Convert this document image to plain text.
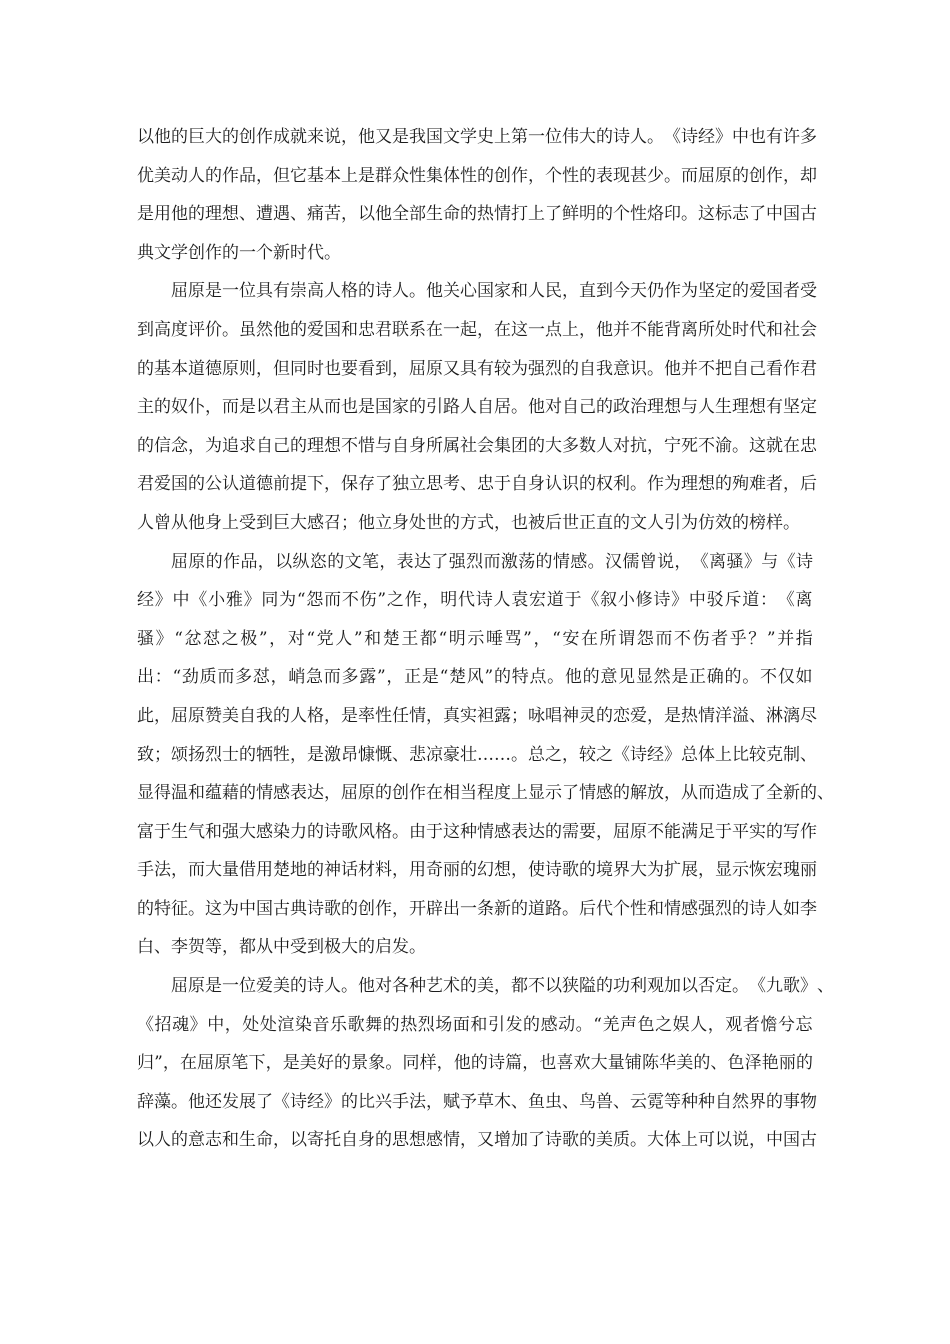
以 他 的 巨 大 的 创 作 成 就 来 说 ， 他 又 是 我 国 文 学 史 上 第 一 位 伟 大 的 诗 人 。 《 诗 经 》 中 也 有 许 多
优 美 动 人 的 作 品 ， 但 它 基 本 上 是 群 众 性 集 体 性 的 创 作 ， 个 性 的 表 现 甚 少 。 而 屈 原 的 创 作 ， 却
是 用 他 的 理 想 、 遭 遇 、 痛 苦 ， 以 他 全 部 生 命 的 热 情 打 上 了 鲜 明 的 个 性 烙 印 。 这 标 志 了 中 国 古
典 文 学 创 作 的 一 个 新 时 代 。
屈 原 是 一 位 具 有 崇 高 人 格 的 诗 人 。 他 关 心 国 家 和 人 民 ， 直 到 今 天 仍 作 为 坚 定 的 爱 国 者 受
到 高 度 评 价 。 虽 然 他 的 爱 国 和 忠 君 联 系 在 一 起 ， 在 这 一 点 上 ， 他 并 不 能 背 离 所 处 时 代 和 社 会
的 基 本 道 德 原 则 ， 但 同 时 也 要 看 到 ， 屈 原 又 具 有 较 为 强 烈 的 自 我 意 识 。 他 并 不 把 自 己 看 作 君
主 的 奴 仆 ， 而 是 以 君 主 从 而 也 是 国 家 的 引 路 人 自 居 。 他 对 自 己 的 政 治 理 想 与 人 生 理 想 有 坚 定
的 信 念 ， 为 追 求 自 己 的 理 想 不 惜 与 自 身 所 属 社 会 集 团 的 大 多 数 人 对 抗 ， 宁 死 不 渝 。 这 就 在 忠
君 爱 国 的 公 认 道 德 前 提 下 ， 保 存 了 独 立 思 考 、 忠 于 自 身 认 识 的 权 利 。 作 为 理 想 的 殉 难 者 ， 后
人 曾 从 他 身 上 受 到 巨 大 感 召 ； 他 立 身 处 世 的 方 式 ， 也 被 后 世 正 直 的 文 人 引 为 仿 效 的 榜 样 。
屈 原 的 作 品 ， 以 纵 恣 的 文 笔 ， 表 达 了 强 烈 而 激 荡 的 情 感 。 汉 儒 曾 说 ， 《 离 骚 》 与 《 诗
经 》 中 《 小 雅 》 同 为 “ 怨 而 不 伤 ” 之 作 ， 明 代 诗 人 袁 宏 道 于 《 叙 小 修 诗 》 中 驳 斥 道 ： 《 离
骚 》 “ 忿 怼 之 极 ” ， 对 “ 党 人 ” 和 楚 王 都 “ 明 示 唾 骂 ” ， “ 安 在 所 谓 怨 而 不 伤 者 乎 ？ ” 并 指
出 ： “ 劲 质 而 多 怼 ， 峭 急 而 多 露 ” ， 正 是 “ 楚 风 ” 的 特 点 。 他 的 意 见 显 然 是 正 确 的 。 不 仅 如
此 ， 屈 原 赞 美 自 我 的 人 格 ， 是 率 性 任 情 ， 真 实 袒 露 ； 咏 唱 神 灵 的 恋 爱 ， 是 热 情 洋 溢 、 淋 漓 尽
致 ； 颂 扬 烈 士 的 牺 牲 ， 是 激 昂 慷 慨 、 悲 凉 豪 壮 … … 。 总 之 ， 较 之 《 诗 经 》 总 体 上 比 较 克 制 、
显 得 温 和 蕴 藉 的 情 感 表 达 ， 屈 原 的 创 作 在 相 当 程 度 上 显 示 了 情 感 的 解 放 ， 从 而 造 成 了 全 新 的 、
富 于 生 气 和 强 大 感 染 力 的 诗 歌 风 格 。 由 于 这 种 情 感 表 达 的 需 要 ， 屈 原 不 能 满 足 于 平 实 的 写 作
手 法 ， 而 大 量 借 用 楚 地 的 神 话 材 料 ， 用 奇 丽 的 幻 想 ， 使 诗 歌 的 境 界 大 为 扩 展 ， 显 示 恢 宏 瑰 丽
的 特 征 。 这 为 中 国 古 典 诗 歌 的 创 作 ， 开 辟 出 一 条 新 的 道 路 。 后 代 个 性 和 情 感 强 烈 的 诗 人 如 李
白 、 李 贺 等 ， 都 从 中 受 到 极 大 的 启 发 。
屈 原 是 一 位 爱 美 的 诗 人 。 他 对 各 种 艺 术 的 美 ， 都 不 以 狭 隘 的 功 利 观 加 以 否 定 。 《 九 歌 》 、
《 招 魂 》 中 ， 处 处 渲 染 音 乐 歌 舞 的 热 烈 场 面 和 引 发 的 感 动 。 “ 羌 声 色 之 娱 人 ， 观 者 憺 兮 忘
归 ” ， 在 屈 原 笔 下 ， 是 美 好 的 景 象 。 同 样 ， 他 的 诗 篇 ， 也 喜 欢 大 量 铺 陈 华 美 的 、 色 泽 艳 丽 的
辞 藻 。 他 还 发 展 了 《 诗 经 》 的 比 兴 手 法 ， 赋 予 草 木 、 鱼 虫 、 鸟 兽 、 云 霓 等 种 种 自 然 界 的 事 物
以 人 的 意 志 和 生 命 ， 以 寄 托 自 身 的 思 想 感 情 ， 又 增 加 了 诗 歌 的 美 质 。 大 体 上 可 以 说 ， 中 国 古
